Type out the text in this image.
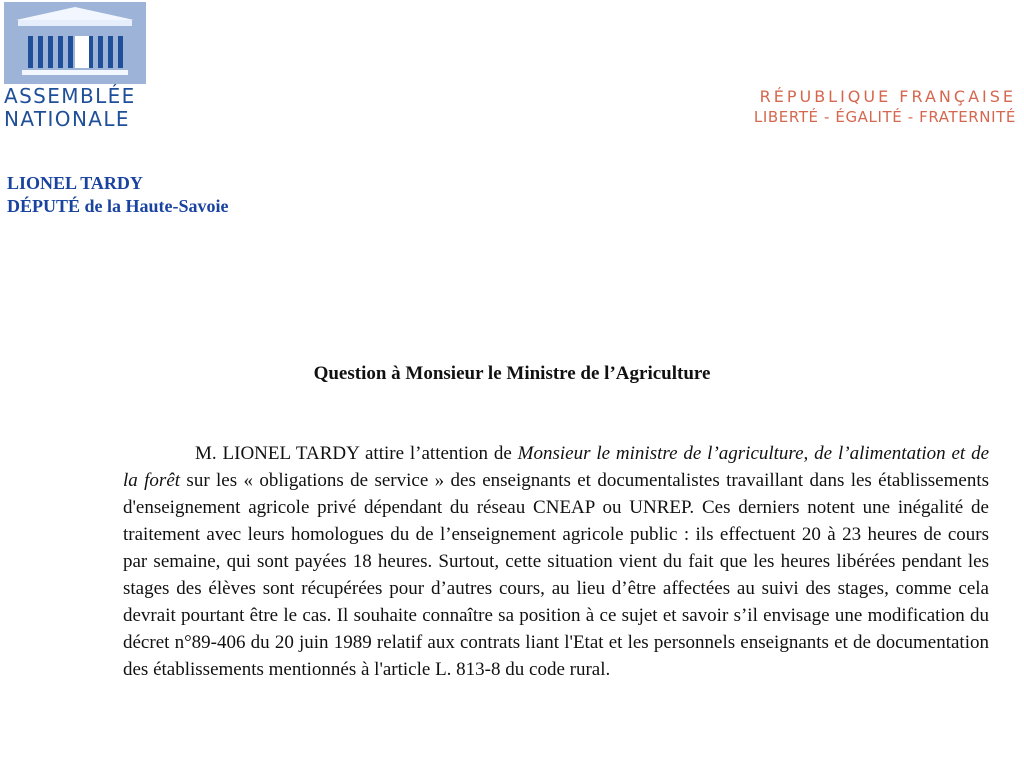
ASSEMBLÉE
NATIONALE
RÉPUBLIQUE FRANÇAISE
LIBERTÉ - ÉGALITÉ - FRATERNITÉ
LIONEL TARDY
DÉPUTÉ de la Haute-Savoie
Question à Monsieur le Ministre de l’Agriculture

M. LIONEL TARDY attire l’attention de Monsieur le ministre de l’agriculture, de l’alimentation et de la forêt sur les « obligations de service » des enseignants et documentalistes travaillant dans les établissements d'enseignement agricole privé dépendant du réseau CNEAP ou UNREP. Ces derniers notent une inégalité de traitement avec leurs homologues du de l’enseignement agricole public : ils effectuent 20 à 23 heures de cours par semaine, qui sont payées 18 heures. Surtout, cette situation vient du fait que les heures libérées pendant les stages des élèves sont récupérées pour d’autres cours, au lieu d’être affectées au suivi des stages, comme cela devrait pourtant être le cas. Il souhaite connaître sa position à ce sujet et savoir s’il envisage une modification du décret n°89-406 du 20 juin 1989 relatif aux contrats liant l'Etat et les personnels enseignants et de documentation des établissements mentionnés à l'article L. 813-8 du code rural.
